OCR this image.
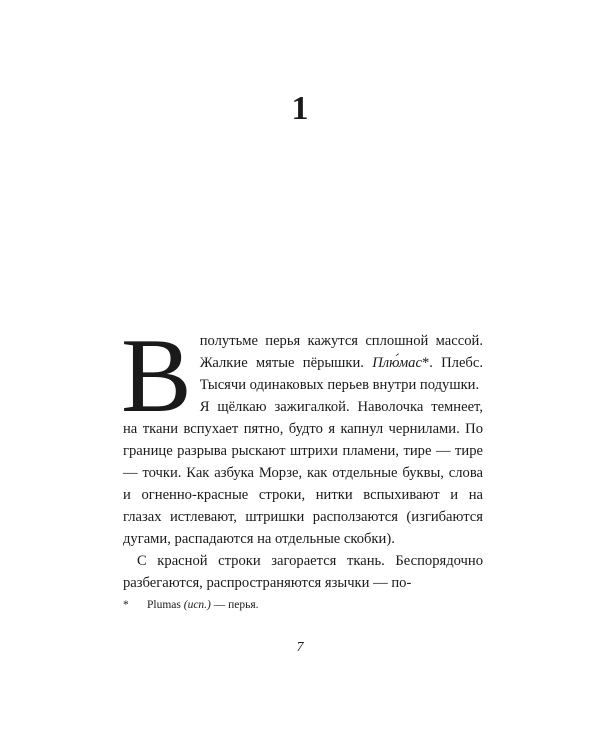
1

В полутьме перья кажутся сплошной массой. Жалкие мятые пёрышки. Плю́мас*. Плебс. Тысячи одинаковых перьев внутри подушки.

Я щёлкаю зажигалкой. Наволочка темнеет, на ткани вспухает пятно, будто я капнул чернилами. По границе разрыва рыскают штрихи пламени, тире — тире — точки. Как азбука Морзе, как отдельные буквы, слова и огненно-красные строки, нитки вспыхивают и на глазах истлевают, штришки расползаются (изгибаются дугами, распадаются на отдельные скобки).

С красной строки загорается ткань. Беспорядочно разбегаются, распространяются язычки — по-

* Plumas (исп.) — перья.
7
